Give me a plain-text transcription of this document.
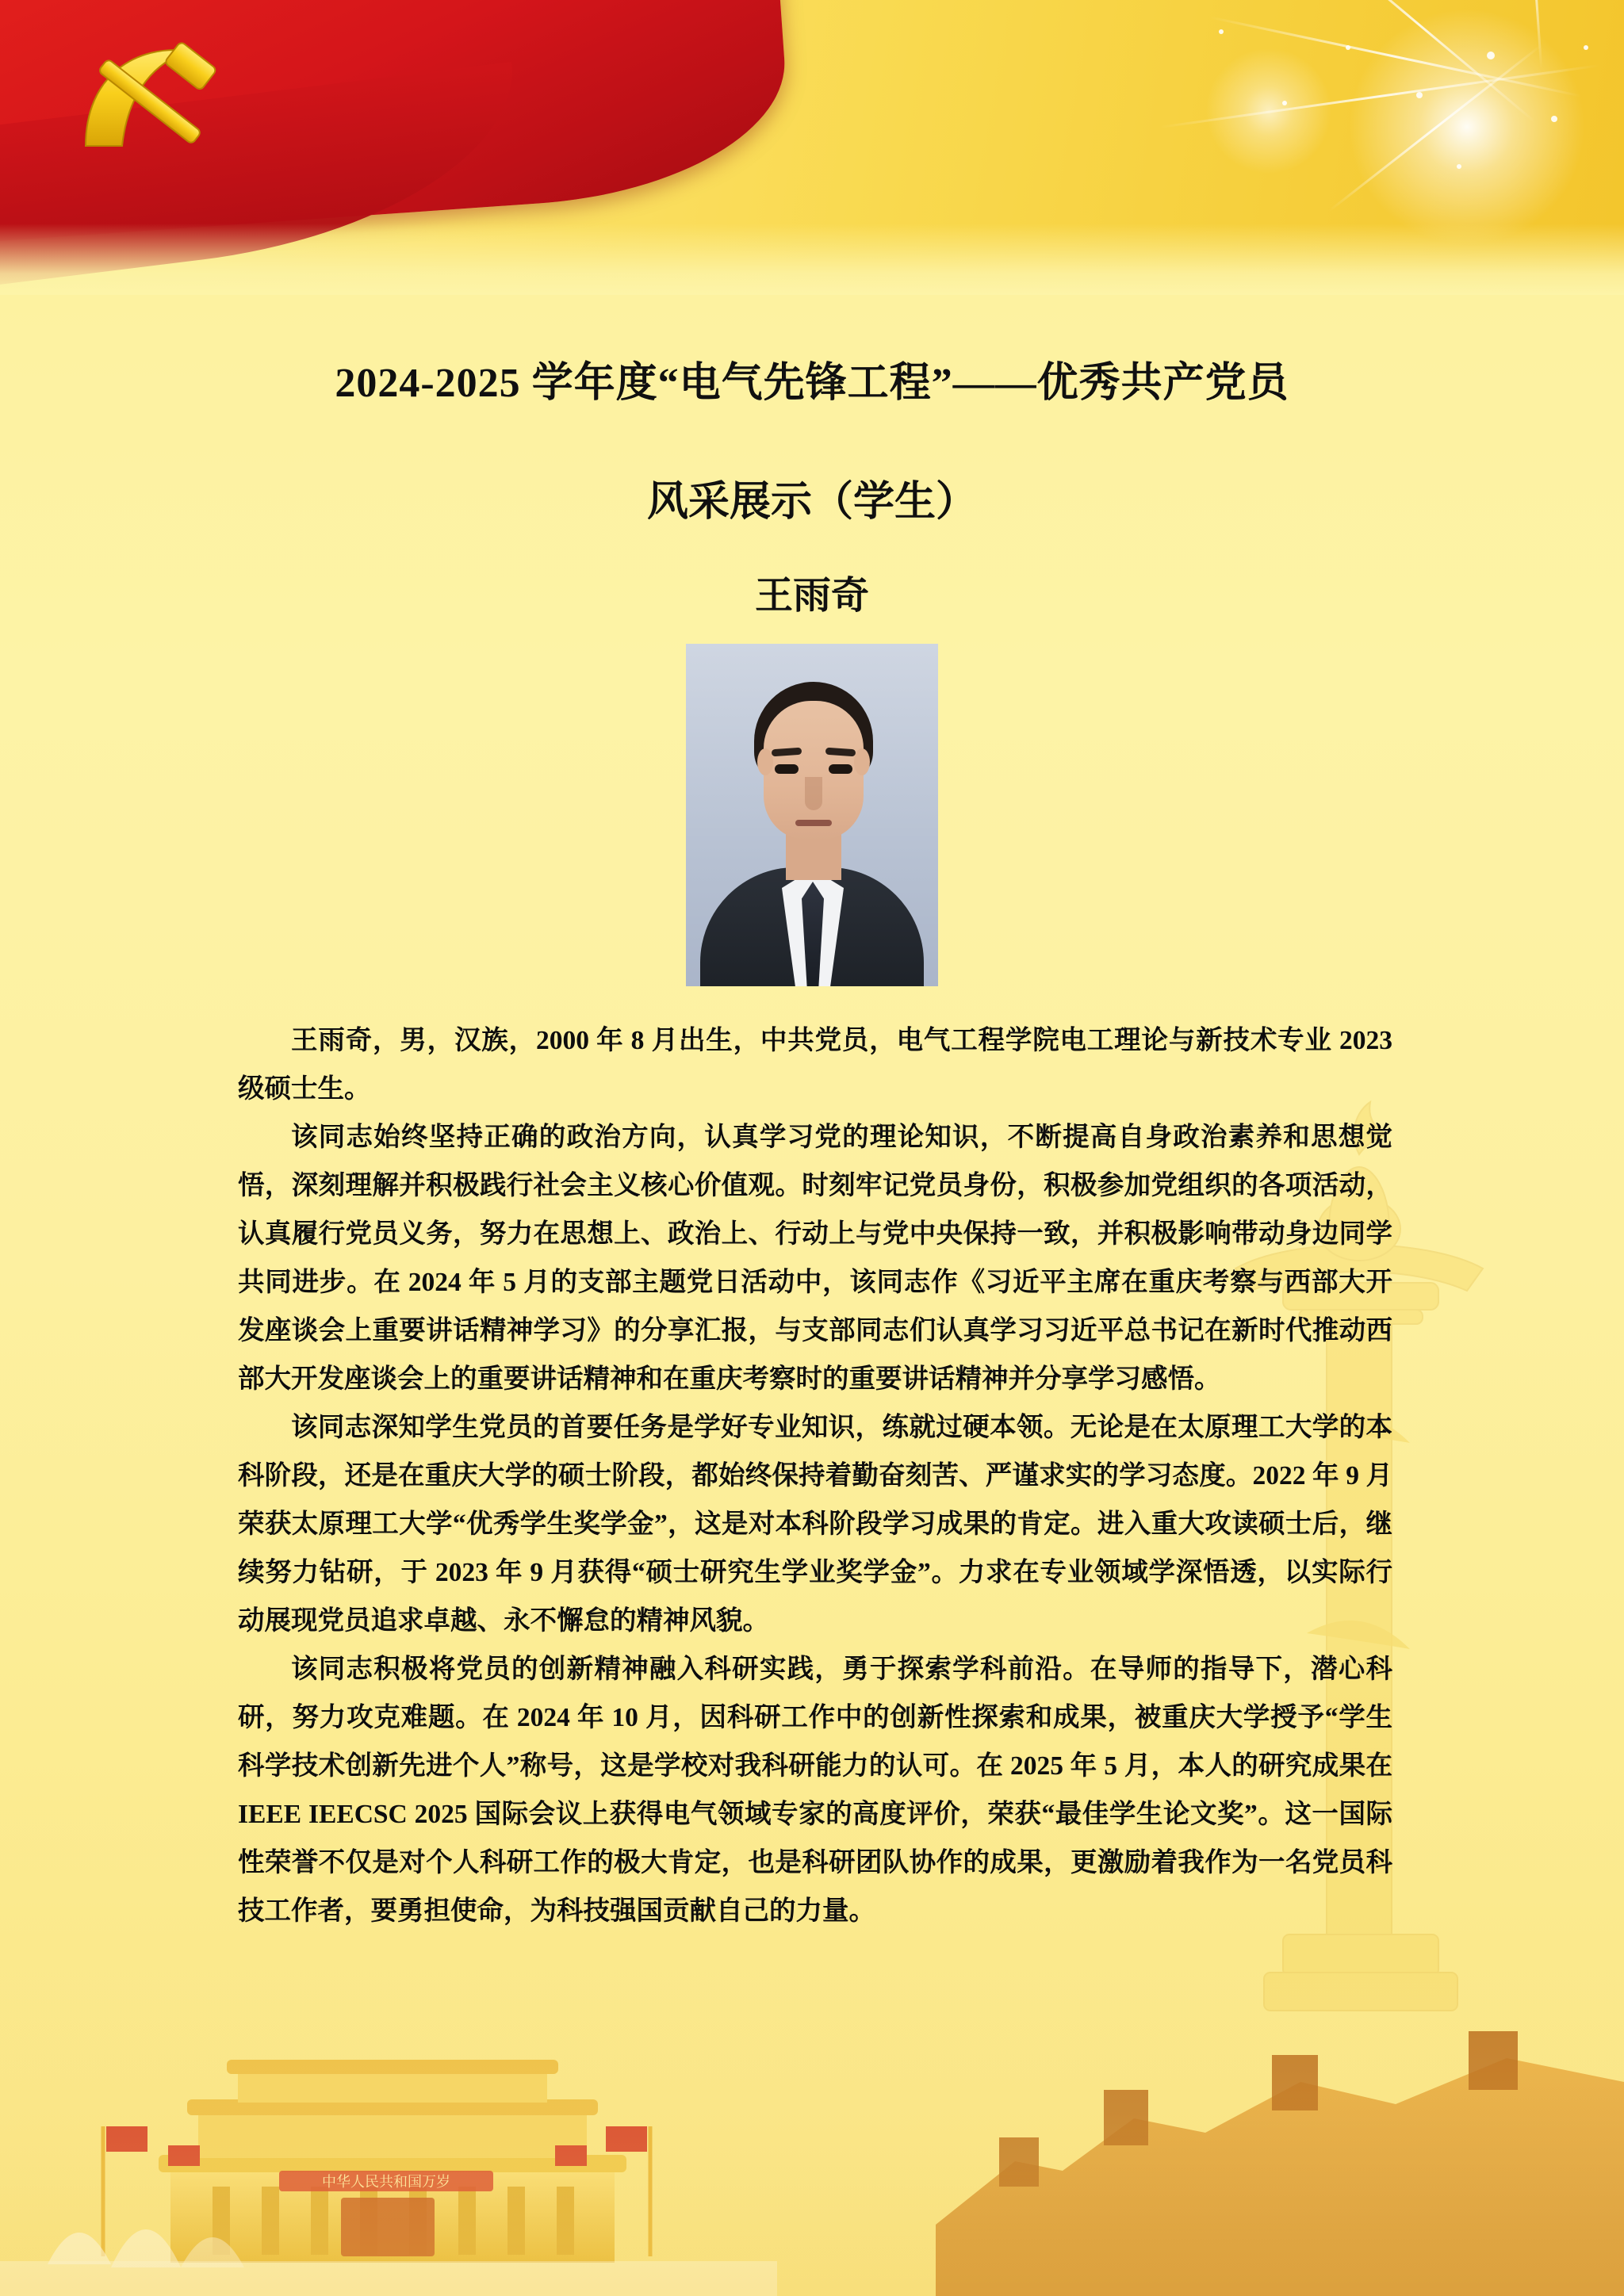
中华人民共和国万岁
2024-2025 学年度“电气先锋工程”——优秀共产党员
风采展示（学生）
王雨奇

王雨奇，男，汉族，2000 年 8 月出生，中共党员，电气工程学院电工理论与新技术专业 2023 级硕士生。

该同志始终坚持正确的政治方向，认真学习党的理论知识，不断提高自身政治素养和思想觉悟，深刻理解并积极践行社会主义核心价值观。时刻牢记党员身份，积极参加党组织的各项活动，认真履行党员义务，努力在思想上、政治上、行动上与党中央保持一致，并积极影响带动身边同学共同进步。在 2024 年 5 月的支部主题党日活动中，该同志作《习近平主席在重庆考察与西部大开发座谈会上重要讲话精神学习》的分享汇报，与支部同志们认真学习习近平总书记在新时代推动西部大开发座谈会上的重要讲话精神和在重庆考察时的重要讲话精神并分享学习感悟。

该同志深知学生党员的首要任务是学好专业知识，练就过硬本领。无论是在太原理工大学的本科阶段，还是在重庆大学的硕士阶段，都始终保持着勤奋刻苦、严谨求实的学习态度。2022 年 9 月荣获太原理工大学“优秀学生奖学金”，这是对本科阶段学习成果的肯定。进入重大攻读硕士后，继续努力钻研，于 2023 年 9 月获得“硕士研究生学业奖学金”。力求在专业领域学深悟透，以实际行动展现党员追求卓越、永不懈怠的精神风貌。

该同志积极将党员的创新精神融入科研实践，勇于探索学科前沿。在导师的指导下，潜心科研，努力攻克难题。在 2024 年 10 月，因科研工作中的创新性探索和成果，被重庆大学授予“学生科学技术创新先进个人”称号，这是学校对我科研能力的认可。在 2025 年 5 月，本人的研究成果在 IEEE IEECSC 2025 国际会议上获得电气领域专家的高度评价，荣获“最佳学生论文奖”。这一国际性荣誉不仅是对个人科研工作的极大肯定，也是科研团队协作的成果，更激励着我作为一名党员科技工作者，要勇担使命，为科技强国贡献自己的力量。
